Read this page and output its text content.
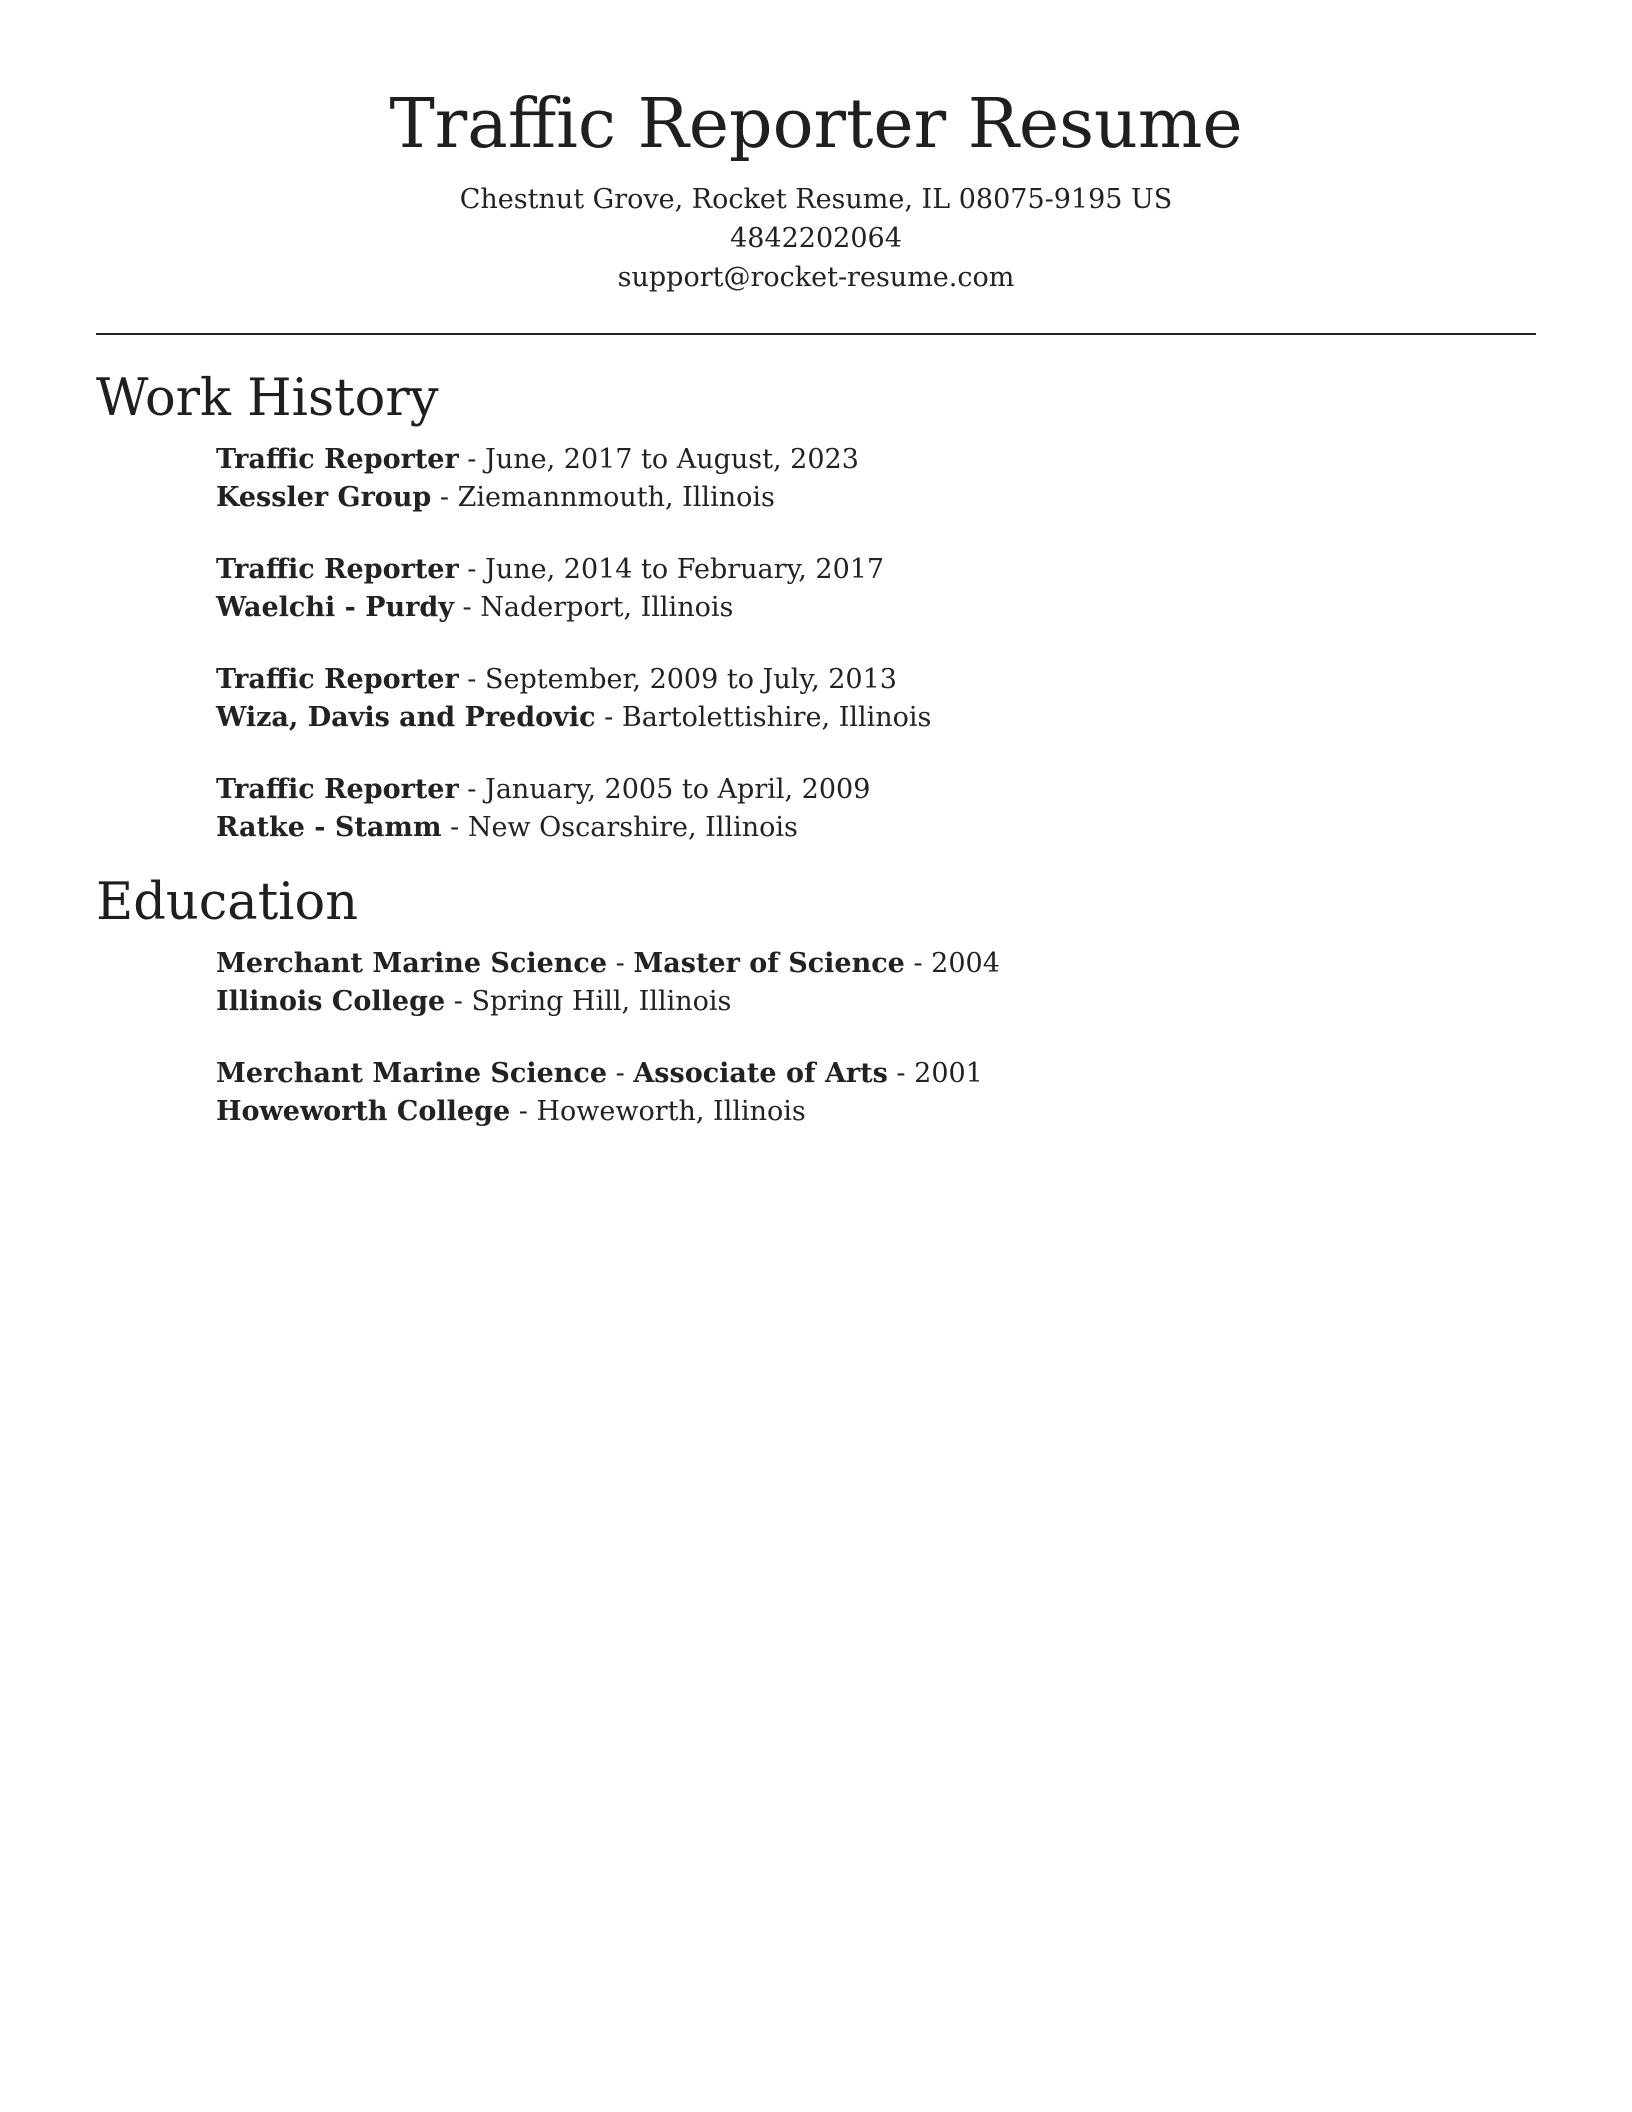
Traffic Reporter Resume

Chestnut Grove, Rocket Resume, IL 08075-9195 US

4842202064

support@rocket-resume.com

Work History
Traffic Reporter - June, 2017 to August, 2023
Kessler Group - Ziemannmouth, Illinois
Traffic Reporter - June, 2014 to February, 2017
Waelchi - Purdy - Naderport, Illinois
Traffic Reporter - September, 2009 to July, 2013
Wiza, Davis and Predovic - Bartolettishire, Illinois
Traffic Reporter - January, 2005 to April, 2009
Ratke - Stamm - New Oscarshire, Illinois
Education
Merchant Marine Science - Master of Science - 2004
Illinois College - Spring Hill, Illinois
Merchant Marine Science - Associate of Arts - 2001
Howeworth College - Howeworth, Illinois
